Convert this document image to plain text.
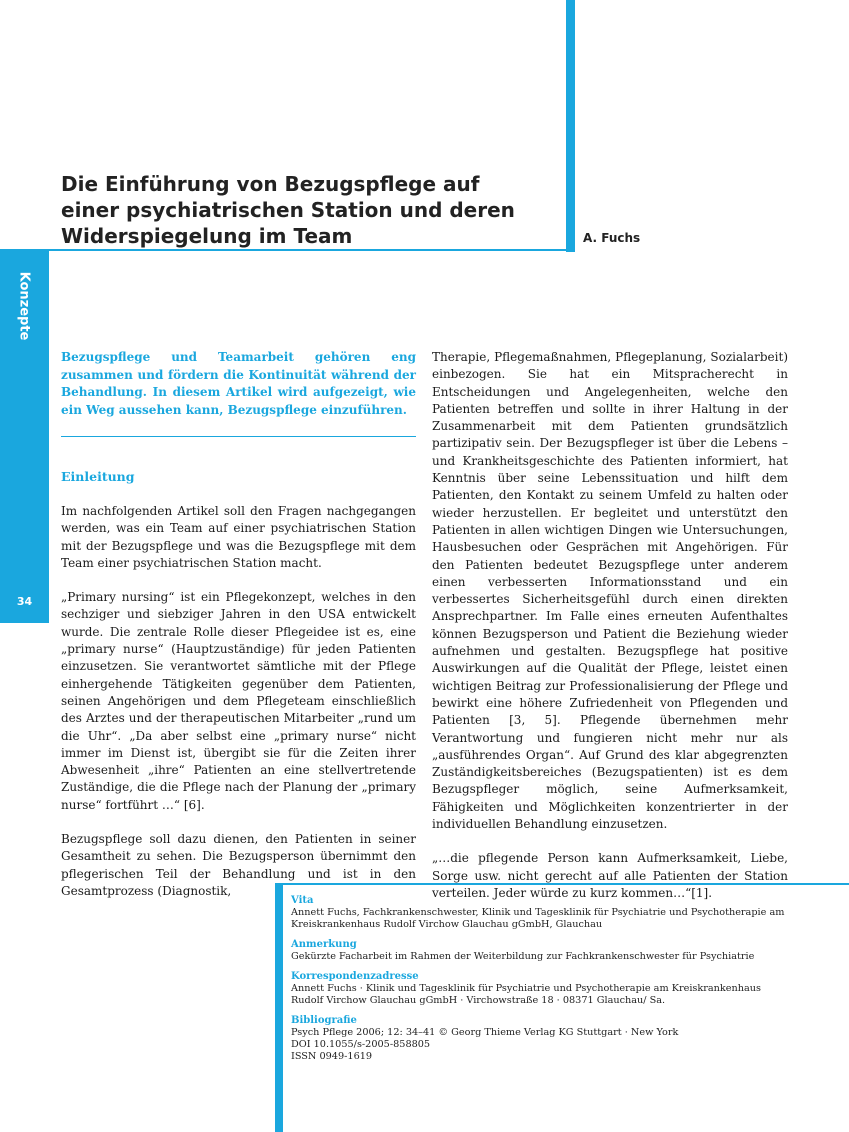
Die Einführung von Bezugspflege auf einer psychiatrischen Station und deren Widerspiegelung im Team	A. Fuchs
Konzepte
34

Bezugspflege und Teamarbeit gehören eng zusammen und fördern die Kontinuität während der Behandlung. In diesem Artikel wird aufgezeigt, wie ein Weg aussehen kann, Bezugspflege einzuführen.

Einleitung

Im nachfolgenden Artikel soll den Fragen nachgegangen werden, was ein Team auf einer psychiatrischen Station mit der Bezugspflege und was die Bezugspflege mit dem Team einer psychiatrischen Station macht.

„Primary nursing“ ist ein Pflegekonzept, welches in den sechziger und siebziger Jahren in den USA entwickelt wurde. Die zentrale Rolle dieser Pflegeidee ist es, eine „primary nurse“ (Hauptzuständige) für jeden Patienten einzusetzen. Sie verantwortet sämtliche mit der Pflege einhergehende Tätigkeiten gegenüber dem Patienten, seinen Angehörigen und dem Pflegeteam einschließlich des Arztes und der therapeutischen Mitarbeiter „rund um die Uhr“. „Da aber selbst eine „primary nurse“ nicht immer im Dienst ist, übergibt sie für die Zeiten ihrer Abwesenheit „ihre“ Patienten an eine stellvertretende Zuständige, die die Pflege nach der Planung der „primary nurse“ fortführt …“ [6].

Bezugspflege soll dazu dienen, den Patienten in seiner Gesamtheit zu sehen. Die Bezugsperson übernimmt den pflegerischen Teil der Behandlung und ist in den Gesamtprozess (Diagnostik,

Therapie, Pflegemaßnahmen, Pflegeplanung, Sozialarbeit) einbezogen. Sie hat ein Mitspracherecht in Entscheidungen und Angelegenheiten, welche den Patienten betreffen und sollte in ihrer Haltung in der Zusammenarbeit mit dem Patienten grundsätzlich partizipativ sein. Der Bezugspfleger ist über die Lebens – und Krankheitsgeschichte des Patienten informiert, hat Kenntnis über seine Lebenssituation und hilft dem Patienten, den Kontakt zu seinem Umfeld zu halten oder wieder herzustellen. Er begleitet und unterstützt den Patienten in allen wichtigen Dingen wie Untersuchungen, Hausbesuchen oder Gesprächen mit Angehörigen. Für den Patienten bedeutet Bezugspflege unter anderem einen verbesserten Informationsstand und ein verbessertes Sicherheitsgefühl durch einen direkten Ansprechpartner. Im Falle eines erneuten Aufenthaltes können Bezugsperson und Patient die Beziehung wieder aufnehmen und gestalten. Bezugspflege hat positive Auswirkungen auf die Qualität der Pflege, leistet einen wichtigen Beitrag zur Professionalisierung der Pflege und bewirkt eine höhere Zufriedenheit von Pflegenden und Patienten [3, 5]. Pflegende übernehmen mehr Verantwortung und fungieren nicht mehr nur als „ausführendes Organ“. Auf Grund des klar abgegrenzten Zuständigkeitsbereiches (Bezugspatienten) ist es dem Bezugspfleger möglich, seine Aufmerksamkeit, Fähigkeiten und Möglichkeiten konzentrierter in der individuellen Behandlung einzusetzen.

„…die pflegende Person kann Aufmerksamkeit, Liebe, Sorge usw. nicht gerecht auf alle Patienten der Station verteilen. Jeder würde zu kurz kommen…“[1].

Vita
Annett Fuchs, Fachkrankenschwester, Klinik und Tagesklinik für Psychiatrie und Psychotherapie am Kreiskrankenhaus Rudolf Virchow Glauchau gGmbH, Glauchau
Anmerkung
Gekürzte Facharbeit im Rahmen der Weiterbildung zur Fachkrankenschwester für Psychiatrie
Korrespondenzadresse
Annett Fuchs · Klinik und Tagesklinik für Psychiatrie und Psychotherapie am Kreiskrankenhaus Rudolf Virchow Glauchau gGmbH · Virchowstraße 18 · 08371 Glauchau/ Sa.
Bibliografie
Psych Pflege 2006; 12: 34–41 © Georg Thieme Verlag KG Stuttgart · New York
DOI 10.1055/s-2005-858805
ISSN 0949-1619
